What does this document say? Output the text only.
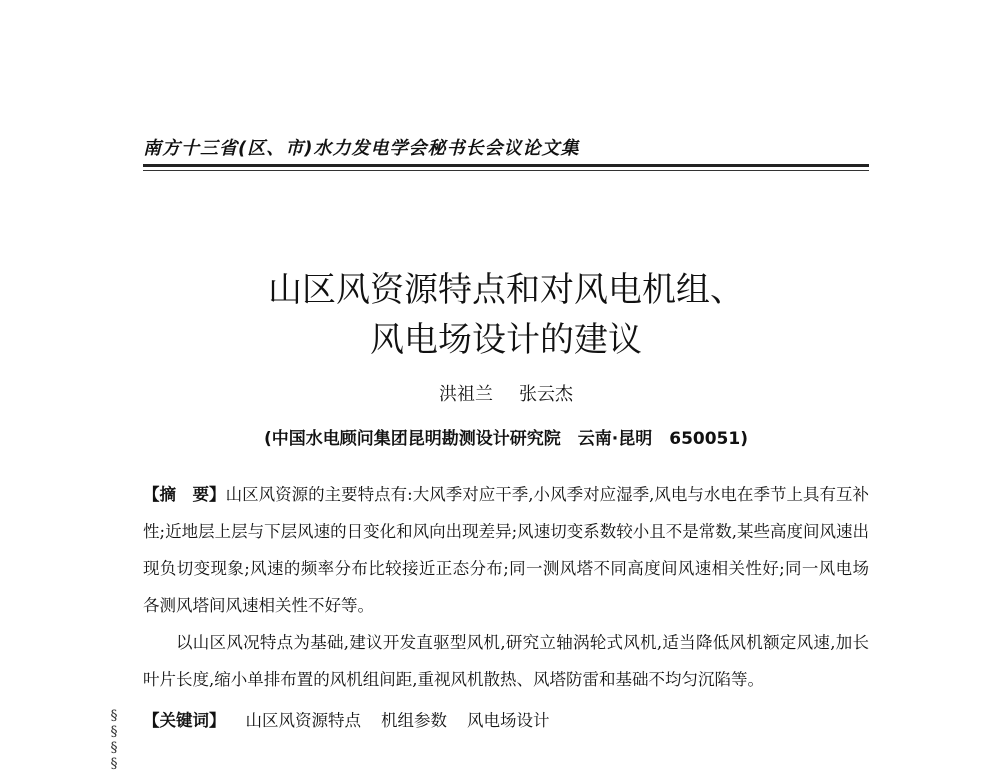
南方十三省(区、市)水力发电学会秘书长会议论文集
山区风资源特点和对风电机组、
风电场设计的建议
洪祖兰 张云杰
(中国水电顾问集团昆明勘测设计研究院　云南·昆明　650051)

【摘　要】山区风资源的主要特点有:大风季对应干季,小风季对应湿季,风电与水电在季节上具有互补性;近地层上层与下层风速的日变化和风向出现差异;风速切变系数较小且不是常数,某些高度间风速出现负切变现象;风速的频率分布比较接近正态分布;同一测风塔不同高度间风速相关性好;同一风电场各测风塔间风速相关性不好等。

以山区风况特点为基础,建议开发直驱型风机,研究立轴涡轮式风机,适当降低风机额定风速,加长叶片长度,缩小单排布置的风机组间距,重视风机散热、风塔防雷和基础不均匀沉陷等。

【关键词】 山区风资源特点 机组参数 风电场设计
§§§§
